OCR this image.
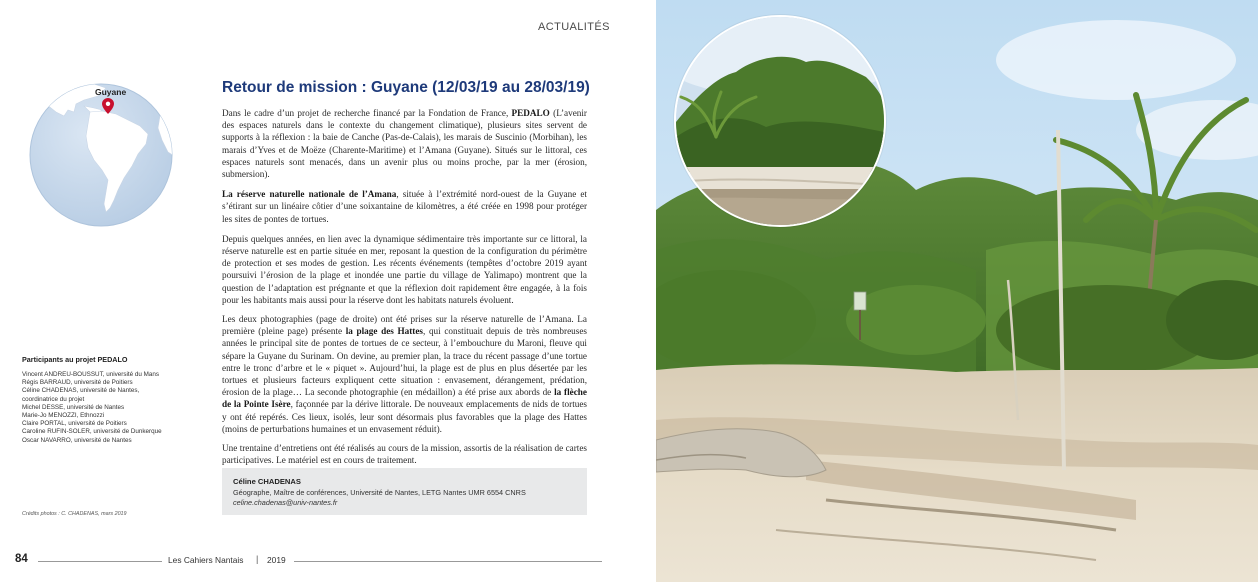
ACTUALITÉS
Guyane	Retour de mission : Guyane (12/03/19 au 28/03/19)

Dans le cadre d’un projet de recherche financé par la Fondation de France, PEDALO (L’avenir des espaces naturels dans le contexte du changement climatique), plusieurs sites servent de supports à la réflexion : la baie de Canche (Pas-de-Calais), les marais de Suscinio (Morbihan), les marais d’Yves et de Moëze (Charente-Maritime) et l’Amana (Guyane). Situés sur le littoral, ces espaces naturels sont menacés, dans un avenir plus ou moins proche, par la mer (érosion, submersion).

La réserve naturelle nationale de l’Amana, située à l’extrémité nord-ouest de la Guyane et s’étirant sur un linéaire côtier d’une soixantaine de kilomètres, a été créée en 1998 pour protéger les sites de pontes de tortues.

Depuis quelques années, en lien avec la dynamique sédimentaire très importante sur ce littoral, la réserve naturelle est en partie située en mer, reposant la question de la configuration du périmètre de protection et ses modes de gestion. Les récents événements (tempêtes d’octobre 2019 ayant poursuivi l’érosion de la plage et inondée une partie du village de Yalimapo) montrent que la question de l’adaptation est prégnante et que la réflexion doit rapidement être engagée, à la fois pour les habitants mais aussi pour la réserve dont les habitats naturels évoluent.

Les deux photographies (page de droite) ont été prises sur la réserve naturelle de l’Amana. La première (pleine page) présente la plage des Hattes, qui constituait depuis de très nombreuses années le principal site de pontes de tortues de ce secteur, à l’embouchure du Maroni, fleuve qui sépare la Guyane du Surinam. On devine, au premier plan, la trace du récent passage d’une tortue entre le tronc d’arbre et le « piquet ». Aujourd’hui, la plage est de plus en plus désertée par les tortues et plusieurs facteurs expliquent cette situation : envasement, dérangement, prédation, érosion de la plage… La seconde photographie (en médaillon) a été prise aux abords de la flèche de la Pointe Isère, façonnée par la dérive littorale. De nouveaux emplacements de nids de tortues y ont été repérés. Ces lieux, isolés, leur sont désormais plus favorables que la plage des Hattes (moins de perturbations humaines et un envasement réduit).

Une trentaine d’entretiens ont été réalisés au cours de la mission, assortis de la réalisation de cartes participatives. Le matériel est en cours de traitement.

Participants au projet PEDALO
Vincent ANDREU-BOUSSUT, université du Mans
Régis BARRAUD, université de Poitiers
Céline CHADENAS, université de Nantes,
coordinatrice du projet
Michel DESSE, université de Nantes
Marie-Jo MENOZZI, Ethnozzi
Claire PORTAL, université de Poitiers
Caroline RUFIN-SOLER, université de Dunkerque
Oscar NAVARRO, université de Nantes
Crédits photos : C. CHADENAS, mars 2019
Céline CHADENAS
Géographe, Maître de conférences, Université de Nantes, LETG Nantes UMR 6554 CNRS
celine.chadenas@univ-nantes.fr
84	Les Cahiers Nantais | 2019
